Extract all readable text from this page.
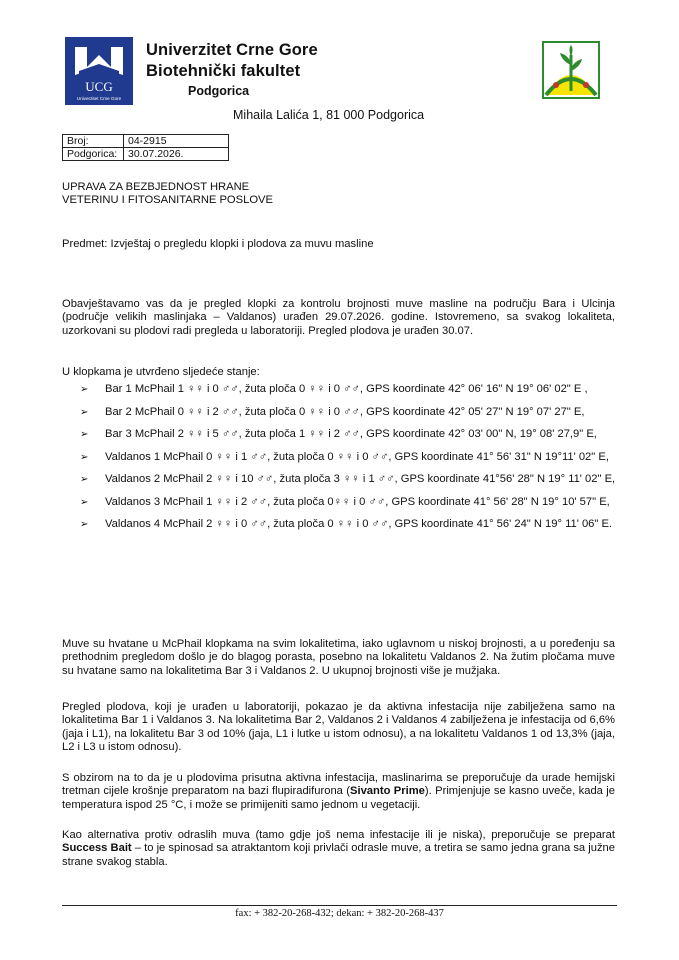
UCG
Univerzitet Crne Gore
Univerzitet Crne Gore
Biotehnički fakultet
Podgorica
Mihaila Lalića 1, 81 000 Podgorica
Broj:	04-2915
Podgorica:	30.07.2026.
UPRAVA ZA BEZBJEDNOST HRANE
VETERINU I FITOSANITARNE POSLOVE
Predmet: Izvještaj o pregledu klopki i plodova za muvu masline
Obavještavamo vas da je pregled klopki za kontrolu brojnosti muve masline na području Bara i Ulcinja (područje velikih maslinjaka – Valdanos) urađen 29.07.2026. godine. Istovremeno, sa svakog lokaliteta, uzorkovani su plodovi radi pregleda u laboratoriji. Pregled plodova je urađen 30.07.
U klopkama je utvrđeno sljedeće stanje:
➢ Bar 1 McPhail 1 ♀♀ i 0 ♂♂, žuta ploča 0 ♀♀ i 0 ♂♂, GPS koordinate 42° 06' 16" N 19° 06' 02" E ,
➢ Bar 2 McPhail 0 ♀♀ i 2 ♂♂, žuta ploča 0 ♀♀ i 0 ♂♂, GPS koordinate 42° 05' 27" N 19° 07' 27" E,
➢ Bar 3 McPhail 2 ♀♀ i 5 ♂♂, žuta ploča 1 ♀♀ i 2 ♂♂, GPS koordinate 42° 03' 00" N, 19° 08' 27,9" E,
➢ Valdanos 1 McPhail 0 ♀♀ i 1 ♂♂, žuta ploča 0 ♀♀ i 0 ♂♂, GPS koordinate 41° 56' 31" N 19°11' 02" E,
➢ Valdanos 2 McPhail 2 ♀♀ i 10 ♂♂, žuta ploča 3 ♀♀ i 1 ♂♂, GPS koordinate 41°56' 28" N 19° 11' 02" E,
➢ Valdanos 3 McPhail 1 ♀♀ i 2 ♂♂, žuta ploča 0♀♀ i 0 ♂♂, GPS koordinate 41° 56' 28" N 19° 10' 57" E,
➢ Valdanos 4 McPhail 2 ♀♀ i 0 ♂♂, žuta ploča 0 ♀♀ i 0 ♂♂, GPS koordinate 41° 56' 24" N 19° 11' 06" E.
Muve su hvatane u McPhail klopkama na svim lokalitetima, iako uglavnom u niskoj brojnosti, a u poređenju sa prethodnim pregledom došlo je do blagog porasta, posebno na lokalitetu Valdanos 2. Na žutim pločama muve su hvatane samo na lokalitetima Bar 3 i Valdanos 2. U ukupnoj brojnosti više je mužjaka.
Pregled plodova, koji je urađen u laboratoriji, pokazao je da aktivna infestacija nije zabilježena samo na lokalitetima Bar 1 i Valdanos 3. Na lokalitetima Bar 2, Valdanos 2 i Valdanos 4 zabilježena je infestacija od 6,6% (jaja i L1), na lokalitetu Bar 3 od 10% (jaja, L1 i lutke u istom odnosu), a na lokalitetu Valdanos 1 od 13,3% (jaja, L2 i L3 u istom odnosu).
S obzirom na to da je u plodovima prisutna aktivna infestacija, maslinarima se preporučuje da urade hemijski tretman cijele krošnje preparatom na bazi flupiradifurona (Sivanto Prime). Primjenjuje se kasno uveče, kada je temperatura ispod 25 °C, i može se primijeniti samo jednom u vegetaciji.
Kao alternativa protiv odraslih muva (tamo gdje još nema infestacije ili je niska), preporučuje se preparat Success Bait – to je spinosad sa atraktantom koji privlači odrasle muve, a tretira se samo jedna grana sa južne strane svakog stabla.
fax: + 382-20-268-432; dekan: + 382-20-268-437
